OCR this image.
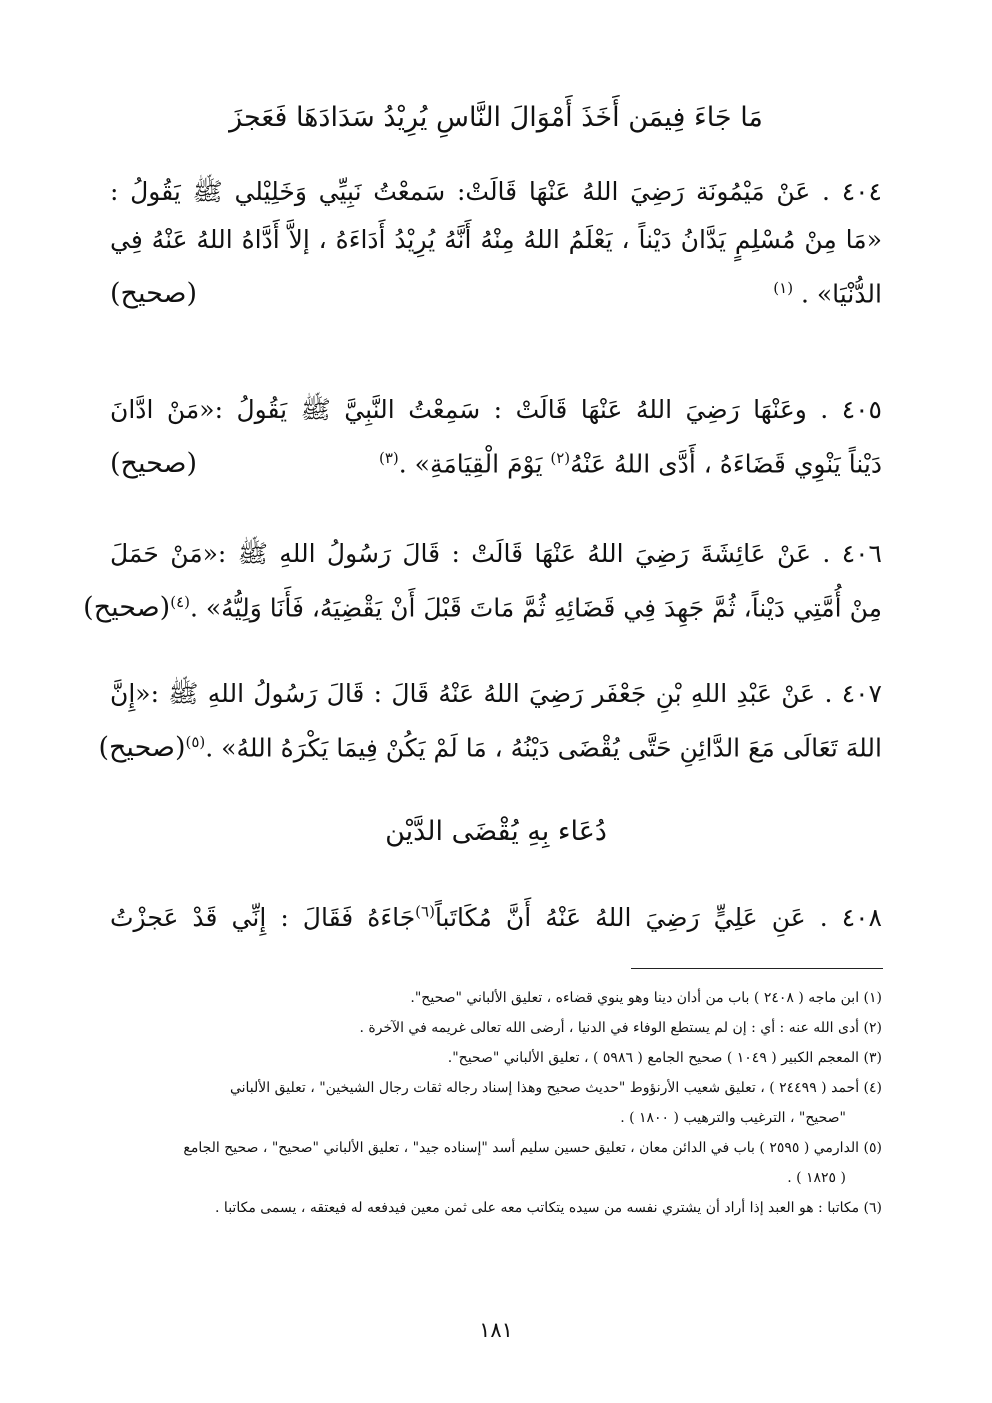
مَا جَاءَ فِيمَن أَخَذَ أَمْوَالَ النَّاسِ يُرِيْدُ سَدَادَهَا فَعَجزَ
٤٠٤ . عَنْ مَيْمُونَة رَضِيَ اللهُ عَنْهَا قَالَتْ: سَمعْتُ نَبِيِّي وَخَلِيْلي ﷺ يَقُولُ :
«مَا مِنْ مُسْلِمٍ يَدَّانُ دَيْناً ، يَعْلَمُ اللهُ مِنْهُ أَنَّهُ يُرِيْدُ أَدَاءَهُ ، إلاَّ أَدَّاهُ اللهُ عَنْهُ فِي
الدُّنْيَا» . $^{(١)}$
( صحيح )
٤٠٥ . وعَنْهَا رَضِيَ اللهُ عَنْهَا قَالَتْ : سَمِعْتُ النَّبِيَّ ﷺ يَقُولُ :«مَنْ ادَّانَ
دَيْناً يَنْوِي قَضَاءَهُ ، أَدَّى اللهُ عَنْهُ$^{(٢)}$ يَوْمَ الْقِيَامَةِ» .$^{(٣)}$
( صحيح )
٤٠٦ . عَنْ عَائِشَةَ رَضِيَ اللهُ عَنْهَا قَالَتْ : قَالَ رَسُولُ اللهِ ﷺ :«مَنْ حَمَلَ
مِنْ أُمَّتِي دَيْناً، ثُمَّ جَهِدَ فِي قَضَائِهِ ثُمَّ مَاتَ قَبْلَ أَنْ يَقْضِيَهُ، فَأَنَا وَلِيُّهُ» .$^{(٤)}$
( صحيح )
٤٠٧ . عَنْ عَبْدِ اللهِ بْنِ جَعْفَر رَضِيَ اللهُ عَنْهُ قَالَ : قَالَ رَسُولُ اللهِ ﷺ :«إِنَّ
اللهَ تَعَالَى مَعَ الدَّائِنِ حَتَّى يُقْضَى دَيْنُهُ ، مَا لَمْ يَكُنْ فِيمَا يَكْرَهُ اللهُ» .$^{(٥)}$
( صحيح )
دُعَاء بِهِ يُقْضَى الدَّيْن
٤٠٨ . عَنِ عَلِيٍّ رَضِيَ اللهُ عَنْهُ أَنَّ مُكَاتَباً$^{(٦)}$جَاءَهُ فَقَالَ : إِنِّي قَدْ عَجزْتُ
(١) ابن ماجه ( ٢٤٠٨ ) باب من أدان دينا وهو ينوي قضاءه ، تعليق الألباني "صحيح".
(٢) أدى الله عنه : أي : إن لم يستطع الوفاء في الدنيا ، أرضى الله تعالى غريمه في الآخرة .
(٣) المعجم الكبير ( ١٠٤٩ ) صحيح الجامع ( ٥٩٨٦ ) ، تعليق الألباني "صحيح".
(٤) أحمد ( ٢٤٤٩٩ ) ، تعليق شعيب الأرنؤوط "حديث صحيح وهذا إسناد رجاله ثقات رجال الشيخين" ، تعليق الألباني
"صحيح" ، الترغيب والترهيب ( ١٨٠٠ ) .
(٥) الدارمي ( ٢٥٩٥ ) باب في الدائن معان ، تعليق حسين سليم أسد "إسناده جيد" ، تعليق الألباني "صحيح" ، صحيح الجامع
( ١٨٢٥ ) .
(٦) مكاتبا : هو العبد إذا أراد أن يشتري نفسه من سيده يتكاتب معه على ثمن معين فيدفعه له فيعتقه ، يسمى مكاتبا .
١٨١
